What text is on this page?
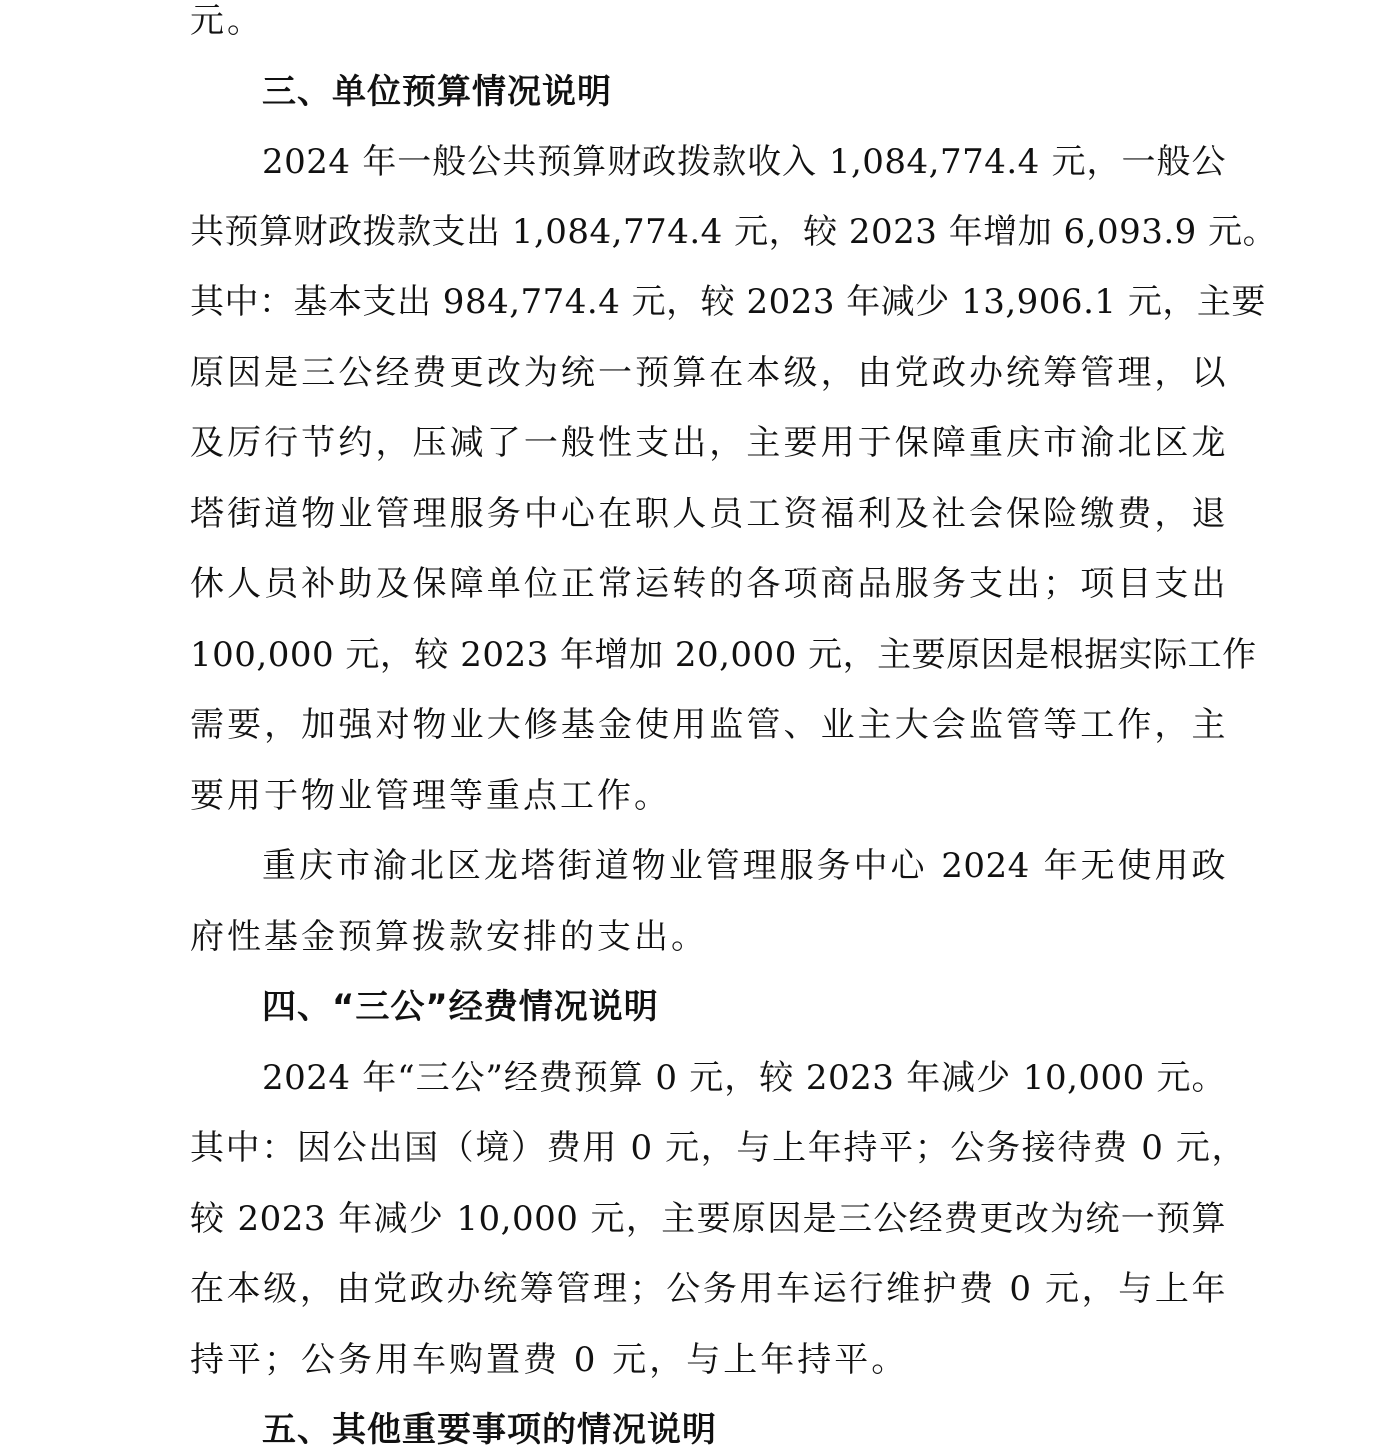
元。
三、单位预算情况说明
2024 年一般公共预算财政拨款收入 1,084,774.4 元，一般公
共预算财政拨款支出 1,084,774.4 元，较 2023 年增加 6,093.9 元。
其中：基本支出 984,774.4 元，较 2023 年减少 13,906.1 元，主要
原因是三公经费更改为统一预算在本级，由党政办统筹管理，以
及厉行节约，压减了一般性支出，主要用于保障重庆市渝北区龙
塔街道物业管理服务中心在职人员工资福利及社会保险缴费，退
休人员补助及保障单位正常运转的各项商品服务支出；项目支出
100,000 元，较 2023 年增加 20,000 元，主要原因是根据实际工作
需要，加强对物业大修基金使用监管、业主大会监管等工作，主
要用于物业管理等重点工作。
重庆市渝北区龙塔街道物业管理服务中心 2024 年无使用政
府性基金预算拨款安排的支出。
四、“三公”经费情况说明
2024 年“三公”经费预算 0 元，较 2023 年减少 10,000 元。
其中：因公出国（境）费用 0 元，与上年持平；公务接待费 0 元，
较 2023 年减少 10,000 元，主要原因是三公经费更改为统一预算
在本级，由党政办统筹管理；公务用车运行维护费 0 元，与上年
持平；公务用车购置费 0 元，与上年持平。
五、其他重要事项的情况说明
